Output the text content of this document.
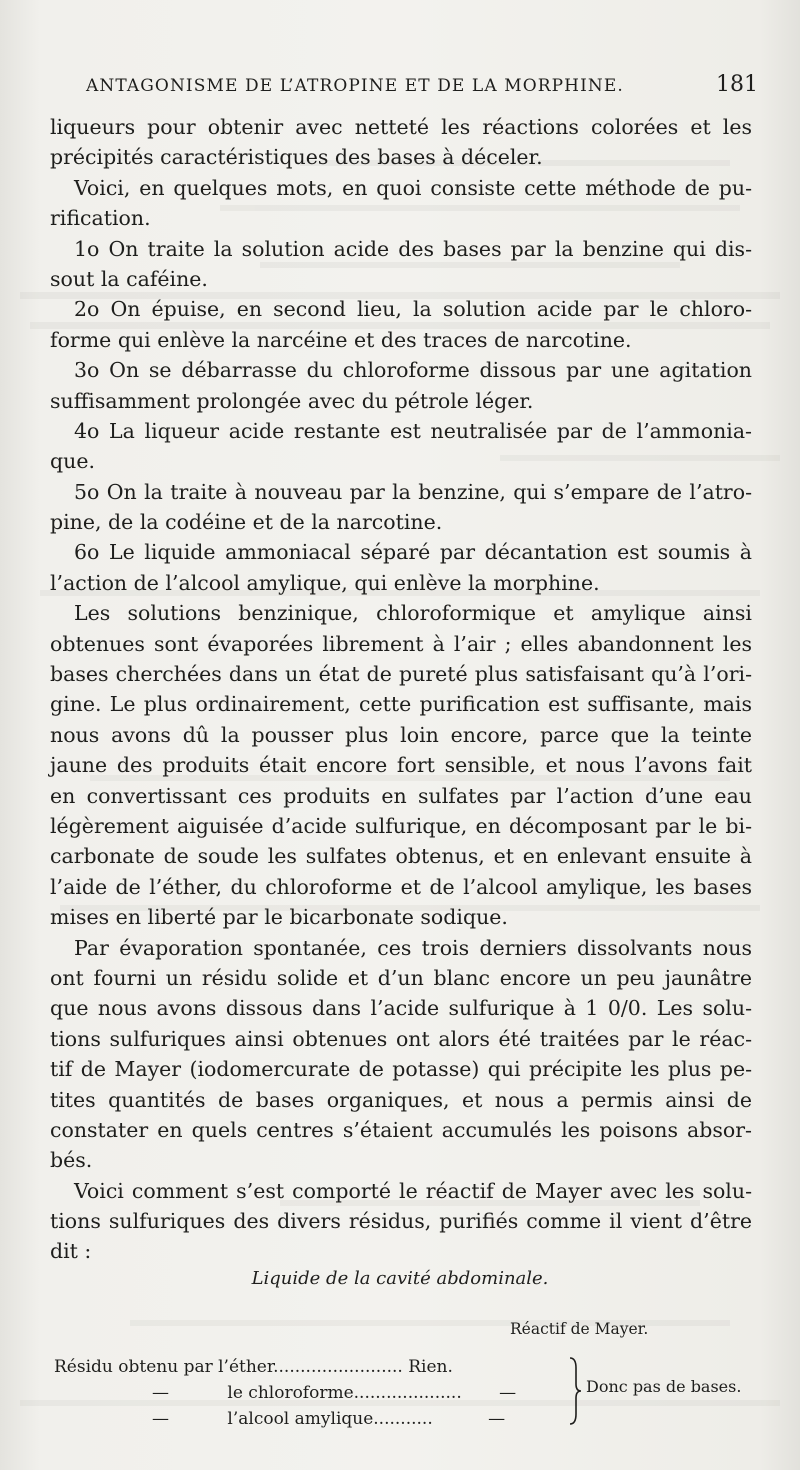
ANTAGONISME DE L’ATROPINE ET DE LA MORPHINE.	181
liqueurs pour obtenir avec netteté les réactions colorées et les
précipités caractéristiques des bases à déceler.
Voici, en quelques mots, en quoi consiste cette méthode de pu-
rification.
1o On traite la solution acide des bases par la benzine qui dis-
sout la caféine.
2o On épuise, en second lieu, la solution acide par le chloro-
forme qui enlève la narcéine et des traces de narcotine.
3o On se débarrasse du chloroforme dissous par une agitation
suffisamment prolongée avec du pétrole léger.
4o La liqueur acide restante est neutralisée par de l’ammonia-
que.
5o On la traite à nouveau par la benzine, qui s’empare de l’atro-
pine, de la codéine et de la narcotine.
6o Le liquide ammoniacal séparé par décantation est soumis à
l’action de l’alcool amylique, qui enlève la morphine.
Les solutions benzinique, chloroformique et amylique ainsi
obtenues sont évaporées librement à l’air ; elles abandonnent les
bases cherchées dans un état de pureté plus satisfaisant qu’à l’ori-
gine. Le plus ordinairement, cette purification est suffisante, mais
nous avons dû la pousser plus loin encore, parce que la teinte
jaune des produits était encore fort sensible, et nous l’avons fait
en convertissant ces produits en sulfates par l’action d’une eau
légèrement aiguisée d’acide sulfurique, en décomposant par le bi-
carbonate de soude les sulfates obtenus, et en enlevant ensuite à
l’aide de l’éther, du chloroforme et de l’alcool amylique, les bases
mises en liberté par le bicarbonate sodique.
Par évaporation spontanée, ces trois derniers dissolvants nous
ont fourni un résidu solide et d’un blanc encore un peu jaunâtre
que nous avons dissous dans l’acide sulfurique à 1 0/0. Les solu-
tions sulfuriques ainsi obtenues ont alors été traitées par le réac-
tif de Mayer (iodomercurate de potasse) qui précipite les plus pe-
tites quantités de bases organiques, et nous a permis ainsi de
constater en quels centres s’étaient accumulés les poisons absor-
bés.
Voici comment s’est comporté le réactif de Mayer avec les solu-
tions sulfuriques des divers résidus, purifiés comme il vient d’être
dit :
Liquide de la cavité abdominale.
Réactif de Mayer.
Résidu obtenu par l’éther........................ Rien.
—	le chloroforme.................... —
—	l’alcool amylique...........	—
Donc pas de bases.
